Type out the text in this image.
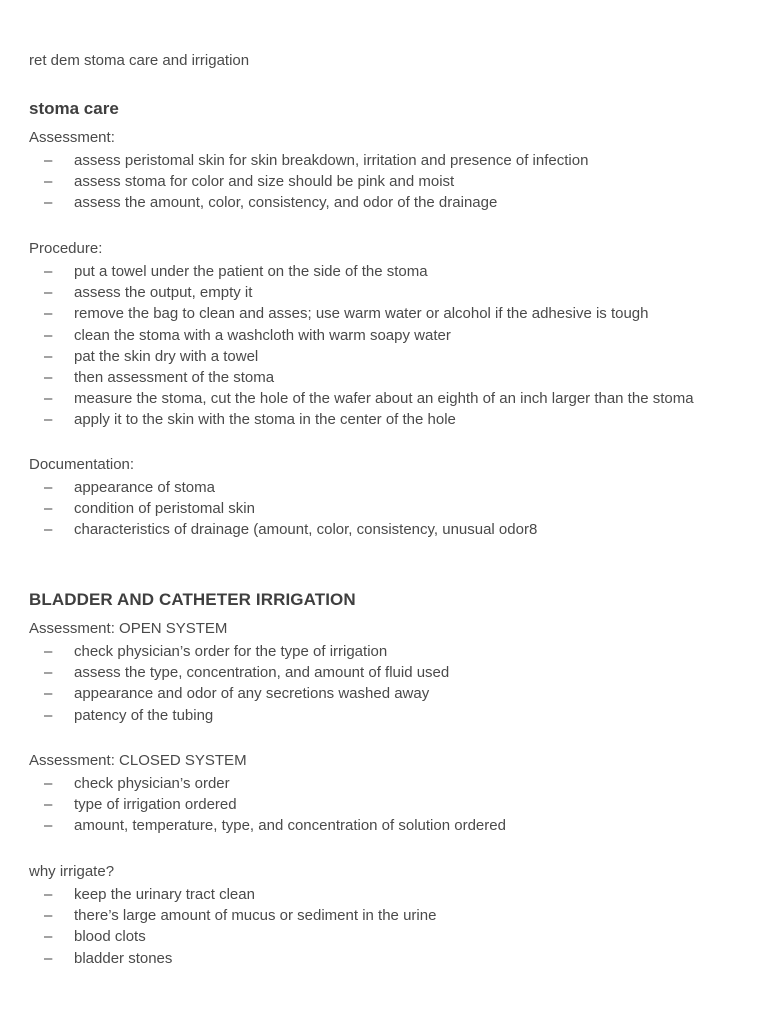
ret dem stoma care and irrigation
stoma care
Assessment:
– assess peristomal skin for skin breakdown, irritation and presence of infection
– assess stoma for color and size should be pink and moist
– assess the amount, color, consistency, and odor of the drainage
Procedure:
– put a towel under the patient on the side of the stoma
– assess the output, empty it
– remove the bag to clean and asses; use warm water or alcohol if the adhesive is tough
– clean the stoma with a washcloth with warm soapy water
– pat the skin dry with a towel
– then assessment of the stoma
– measure the stoma, cut the hole of the wafer about an eighth of an inch larger than the stoma
– apply it to the skin with the stoma in the center of the hole
Documentation:
– appearance of stoma
– condition of peristomal skin
– characteristics of drainage (amount, color, consistency, unusual odor8
BLADDER AND CATHETER IRRIGATION
Assessment: OPEN SYSTEM
– check physician’s order for the type of irrigation
– assess the type, concentration, and amount of fluid used
– appearance and odor of any secretions washed away
– patency of the tubing
Assessment: CLOSED SYSTEM
– check physician’s order
– type of irrigation ordered
– amount, temperature, type, and concentration of solution ordered
why irrigate?
– keep the urinary tract clean
– there’s large amount of mucus or sediment in the urine
– blood clots
– bladder stones
